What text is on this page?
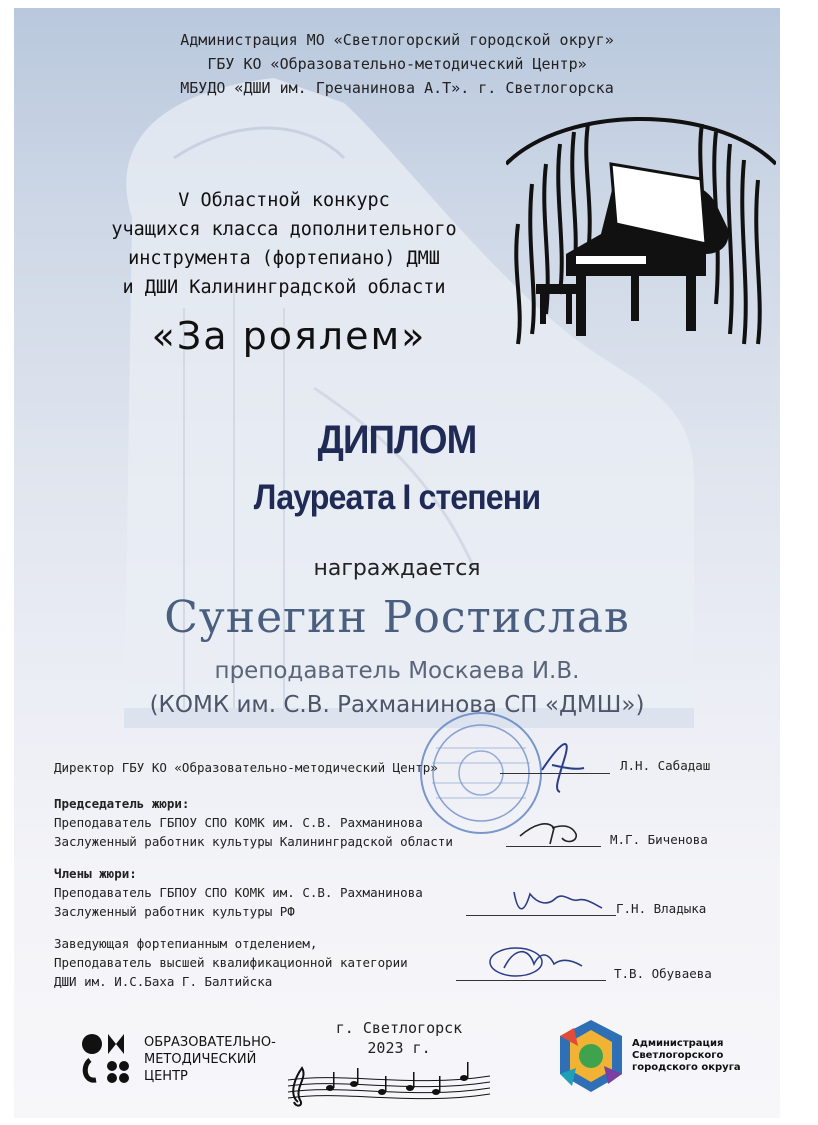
Администрация МО «Светлогорский городской округ»
ГБУ КО «Образовательно-методический Центр»
МБУДО «ДШИ им. Гречанинова А.Т». г. Светлогорска
V Областной конкурс
учащихся класса дополнительного
инструмента (фортепиано) ДМШ
и ДШИ Калининградской области
«За роялем»
ДИПЛОМ
Лауреата I степени
награждается
Сунегин Ростислав
преподаватель Москаева И.В.
(КОМК им. С.В. Рахманинова СП «ДМШ»)
Директор ГБУ КО «Образовательно-методический Центр»	Л.Н. Сабадаш
Председатель жюри:
Преподаватель ГБПОУ СПО КОМК им. С.В. Рахманинова
Заслуженный работник культуры Калининградской области	М.Г. Биченова
Члены жюри:
Преподаватель ГБПОУ СПО КОМК им. С.В. Рахманинова
Заслуженный работник культуры РФ	Г.Н. Владыка
Заведующая фортепианным отделением,
Преподаватель высшей квалификационной категории
ДШИ им. И.С.Баха Г. Балтийска
Т.В. Обуваева
ОБРАЗОВАТЕЛЬНО-
МЕТОДИЧЕСКИЙ
ЦЕНТР
г. Светлогорск
2023 г.	Администрация
Светлогорского
городского округа
